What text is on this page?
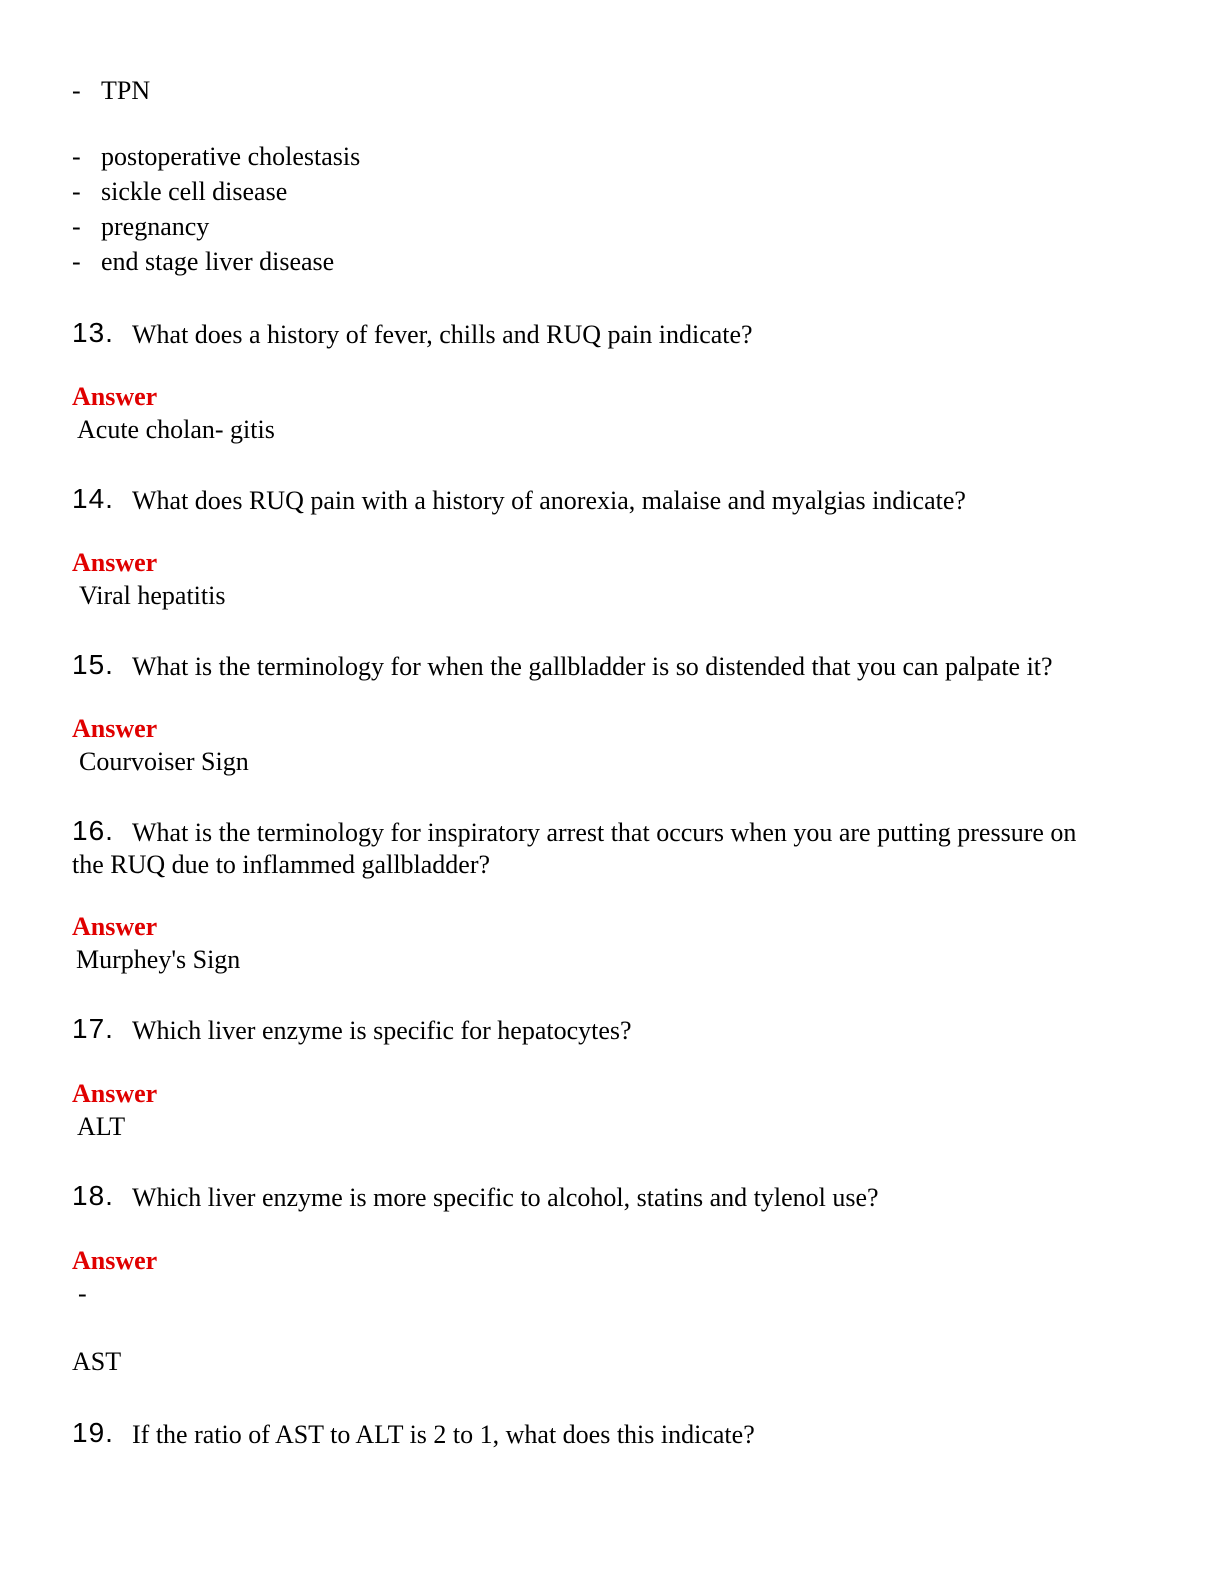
- TPN
- postoperative cholestasis
- sickle cell disease
- pregnancy
- end stage liver disease
13. What does a history of fever, chills and RUQ pain indicate?
Answer
Acute cholan- gitis
14. What does RUQ pain with a history of anorexia, malaise and myalgias indicate?
Answer
Viral hepatitis
15. What is the terminology for when the gallbladder is so distended that you can palpate it?
Answer
Courvoiser Sign
16. What is the terminology for inspiratory arrest that occurs when you are putting pressure on
the RUQ due to inflammed gallbladder?
Answer
Murphey's Sign
17. Which liver enzyme is specific for hepatocytes?
Answer
ALT
18. Which liver enzyme is more specific to alcohol, statins and tylenol use?
Answer
-
AST
19. If the ratio of AST to ALT is 2 to 1, what does this indicate?
